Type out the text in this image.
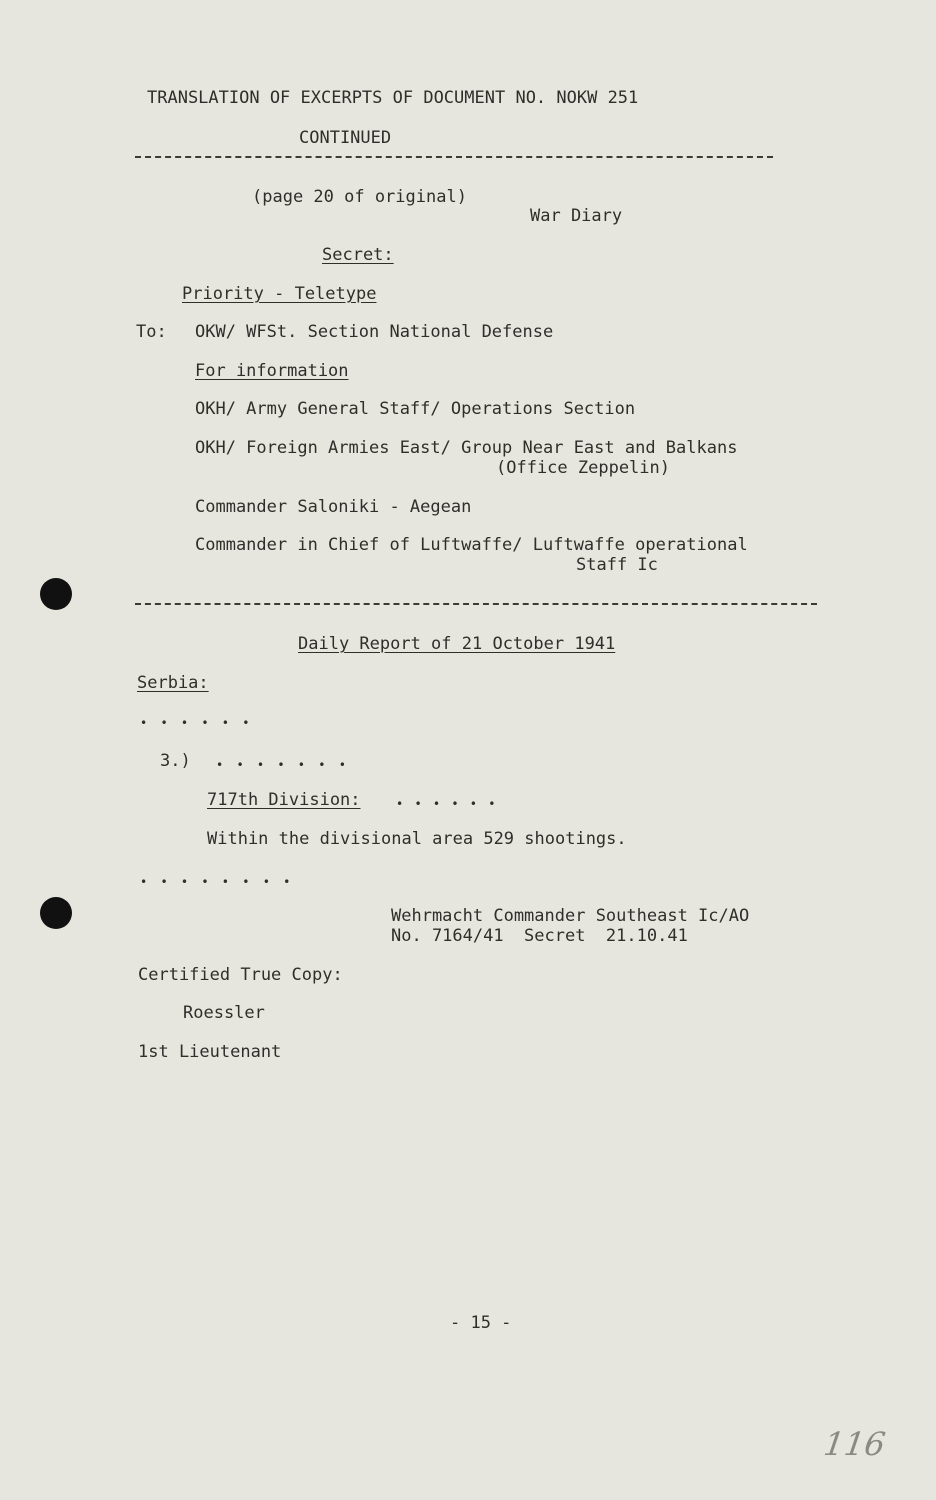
TRANSLATION OF EXCERPTS OF DOCUMENT NO. NOKW 251
CONTINUED
(page 20 of original)
War Diary
Secret:
Priority - Teletype
To: OKW/ WFSt. Section National Defense
For information
OKH/ Army General Staff/ Operations Section
OKH/ Foreign Armies East/ Group Near East and Balkans
(Office Zeppelin)
Commander Saloniki - Aegean
Commander in Chief of Luftwaffe/ Luftwaffe operational
Staff Ic
Daily Report of 21 October 1941
Serbia:
• • • • • •
3.) • • • • • • •
717th Division:	• • • • • •
Within the divisional area 529 shootings.
• • • • • • • •
Wehrmacht Commander Southeast Ic/AO
No. 7164/41  Secret  21.10.41
Certified True Copy:
Roessler
1st Lieutenant
- 15 -
116
